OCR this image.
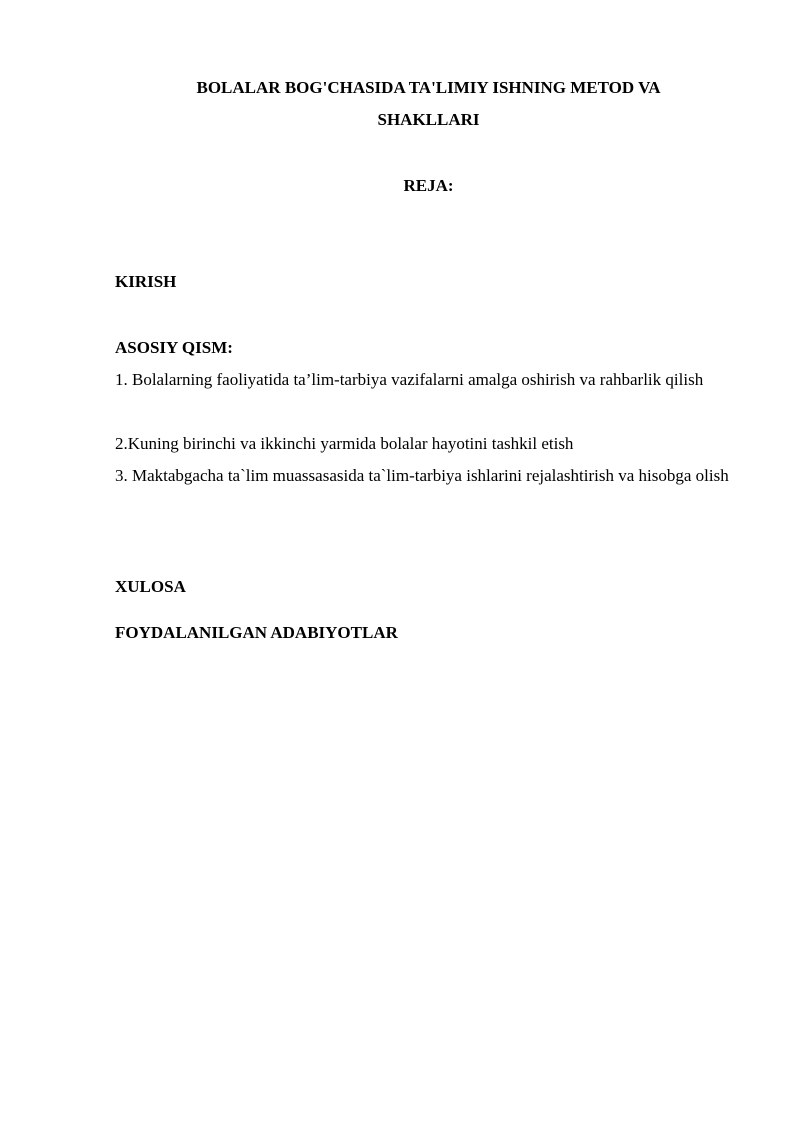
BOLALAR BOG'CHASIDA TA'LIMIY ISHNING METOD VA
SHAKLLARI
REJA:
KIRISH
ASOSIY QISM:
1. Bolalarning faoliyatida ta’lim-tarbiya vazifalarni amalga oshirish va rahbarlik qilish
2.Kuning birinchi va ikkinchi yarmida bolalar hayotini tashkil etish
3. Maktabgacha ta`lim muassasasida ta`lim-tarbiya ishlarini rejalashtirish va hisobga olish
XULOSA
FOYDALANILGAN ADABIYOTLAR
